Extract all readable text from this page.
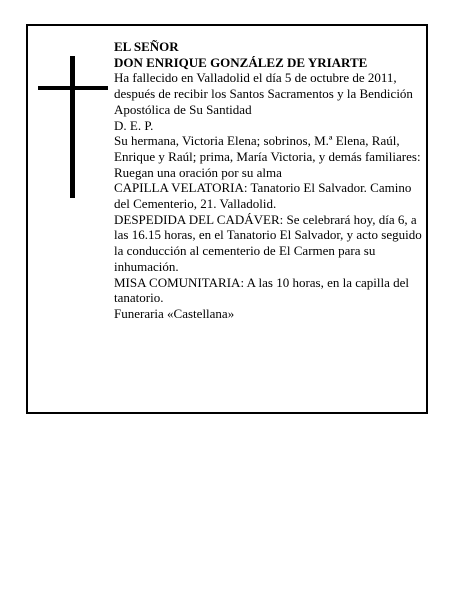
EL SEÑOR

DON ENRIQUE GONZÁLEZ DE YRIARTE

Ha fallecido en Valladolid el día 5 de octubre de 2011, después de recibir los Santos Sacramentos y la Bendición Apostólica de Su Santidad

D. E. P.

Su hermana, Victoria Elena; sobrinos, M.ª Elena, Raúl, Enrique y Raúl; prima, María Victoria, y demás familiares:

Ruegan una oración por su alma

CAPILLA VELATORIA: Tanatorio El Salvador. Camino del Cementerio, 21. Valladolid.

DESPEDIDA DEL CADÁVER: Se celebrará hoy, día 6, a las 16.15 horas, en el Tanatorio El Salvador, y acto seguido la conducción al cementerio de El Carmen para su inhumación.

MISA COMUNITARIA: A las 10 horas, en la capilla del tanatorio.

Funeraria «Castellana»
